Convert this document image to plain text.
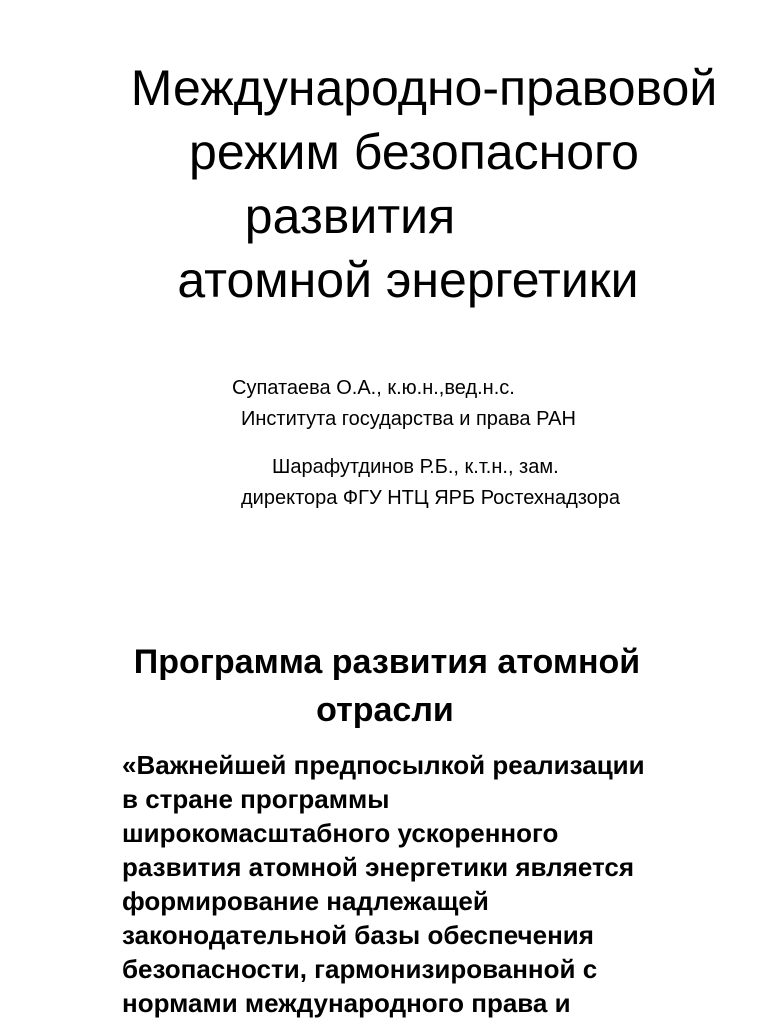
Международно-правовой
режим безопасного
развития
атомной энергетики
Супатаева О.А., к.ю.н.,вед.н.с.
Института государства и права РАН
Шарафутдинов Р.Б., к.т.н., зам.
директора ФГУ НТЦ ЯРБ Ростехнадзора
Программа развития атомной
отрасли
«Важнейшей предпосылкой реализации
в стране программы
широкомасштабного ускоренного
развития атомной энергетики является
формирование надлежащей
законодательной базы обеспечения
безопасности, гармонизированной с
нормами международного права и
